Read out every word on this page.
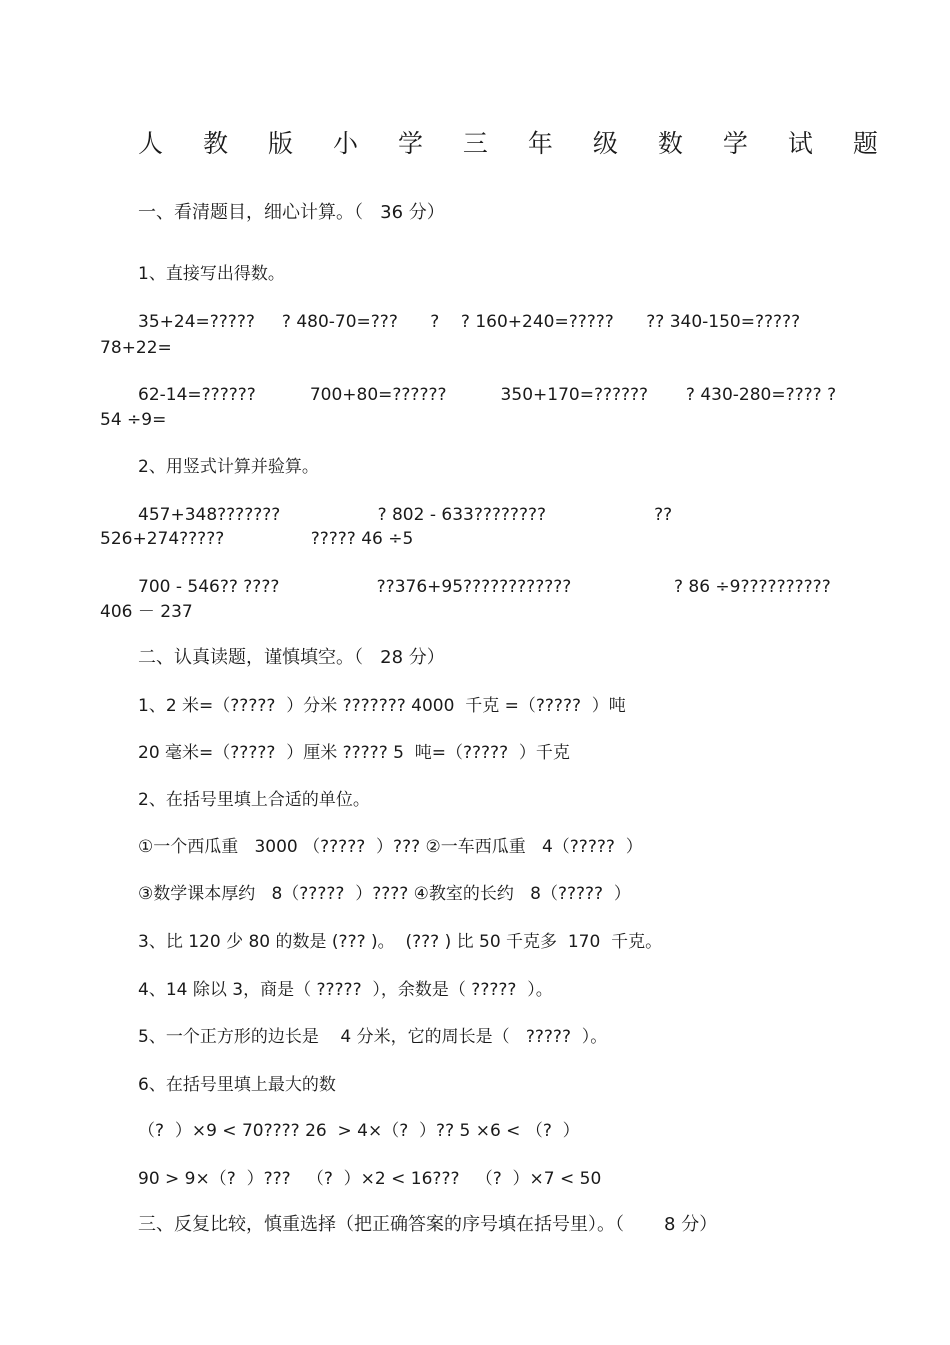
人 教 版 小 学 三 年 级 数 学 试 题
一、看清题目，细心计算。（   36 分）
1、直接写出得数。
35+24=?????     ? 480-70=???      ?    ? 160+240=?????      ?? 340-150=?????
78+22=
62-14=??????          700+80=??????          350+170=??????       ? 430-280=???? ?
54 ÷9=
2、用竖式计算并验算。
457+348???????                  ? 802 - 633????????                    ??
526+274?????                ????? 46 ÷5
700 - 546?? ????                  ??376+95????????????                   ? 86 ÷9??????????
406 － 237
二、认真读题，谨慎填空。（   28 分）
1、2 米=（?????  ）分米 ??????? 4000  千克 =（?????  ）吨
20 毫米=（?????  ）厘米 ????? 5  吨=（?????  ）千克
2、在括号里填上合适的单位。
①一个西瓜重   3000 （?????  ）??? ②一车西瓜重   4（?????  ）
③数学课本厚约   8（?????  ）???? ④教室的长约   8（?????  ）
3、比 120 少 80 的数是 (??? )。  (??? ) 比 50 千克多  170  千克。
4、14 除以 3，商是（ ?????  ），余数是（ ?????  ）。
5、一个正方形的边长是    4 分米，它的周长是（   ?????  ）。
6、在括号里填上最大的数
（?  ）×9 < 70???? 26  > 4×（?  ）?? 5 ×6 < （?  ）
90 > 9×（?  ）???   （?  ）×2 < 16???   （?  ）×7 < 50
三、反复比较，慎重选择（把正确答案的序号填在括号里）。（       8 分）
